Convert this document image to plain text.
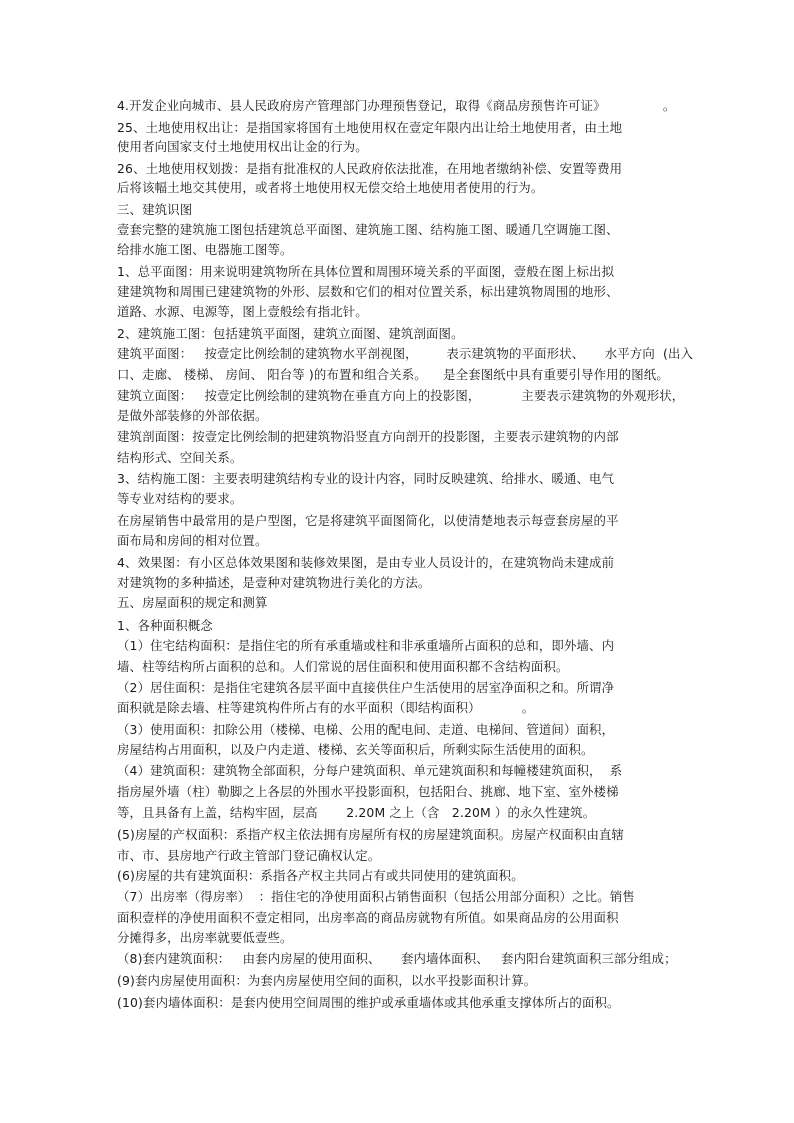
4.开发企业向城市、县人民政府房产管理部门办理预售登记，取得《商品房预售许可证》              。
25、土地使用权出让：是指国家将国有土地使用权在壹定年限内出让给土地使用者，由土地
使用者向国家支付土地使用权出让金的行为。
26、土地使用权划拨：是指有批准权的人民政府依法批准，在用地者缴纳补偿、安置等费用
后将该幅土地交其使用，或者将土地使用权无偿交给土地使用者使用的行为。
三、建筑识图
壹套完整的建筑施工图包括建筑总平面图、建筑施工图、结构施工图、暖通几空调施工图、
给排水施工图、电器施工图等。
1、总平面图：用来说明建筑物所在具体位置和周围环境关系的平面图，壹般在图上标出拟
建建筑物和周围已建建筑物的外形、层数和它们的相对位置关系，标出建筑物周围的地形、
道路、水源、电源等，图上壹般绘有指北针。
2、建筑施工图：包括建筑平面图，建筑立面图、建筑剖面图。
建筑平面图：   按壹定比例绘制的建筑物水平剖视图，       表示建筑物的平面形状、     水平方向  (出入
口、走廊、 楼梯、 房间、 阳台等 )的布置和组合关系。    是全套图纸中具有重要引导作用的图纸。
建筑立面图：   按壹定比例绘制的建筑物在垂直方向上的投影图，          主要表示建筑物的外观形状，
是做外部装修的外部依据。
建筑剖面图：按壹定比例绘制的把建筑物沿竖直方向剖开的投影图，主要表示建筑物的内部
结构形式、空间关系。
3、结构施工图：主要表明建筑结构专业的设计内容，同时反映建筑、给排水、暖通、电气
等专业对结构的要求。
在房屋销售中最常用的是户型图，它是将建筑平面图简化，以使清楚地表示每壹套房屋的平
面布局和房间的相对位置。
4、效果图：有小区总体效果图和装修效果图，是由专业人员设计的，在建筑物尚未建成前
对建筑物的多种描述，是壹种对建筑物进行美化的方法。
五、房屋面积的规定和测算
1、各种面积概念
（1）住宅结构面积：是指住宅的所有承重墙或柱和非承重墙所占面积的总和，即外墙、内
墙、柱等结构所占面积的总和。人们常说的居住面积和使用面积都不含结构面积。
（2）居住面积：是指住宅建筑各层平面中直接供住户生活使用的居室净面积之和。所谓净
面积就是除去墙、柱等建筑构件所占有的水平面积（即结构面积）          。
（3）使用面积：扣除公用（楼梯、电梯、公用的配电间、走道、电梯间、管道间）面积，
房屋结构占用面积，以及户内走道、楼梯、玄关等面积后，所剩实际生活使用的面积。
（4）建筑面积：建筑物全部面积，分每户建筑面积、单元建筑面积和每幢楼建筑面积，  系
指房屋外墙（柱）勒脚之上各层的外围水平投影面积，包括阳台、挑廊、地下室、室外楼梯
等，且具备有上盖，结构牢固，层高       2.20M 之上（含   2.20M ）的永久性建筑。
(5)房屋的产权面积：系指产权主依法拥有房屋所有权的房屋建筑面积。房屋产权面积由直辖
市、市、县房地产行政主管部门登记确权认定。
(6)房屋的共有建筑面积：系指各产权主共同占有或共同使用的建筑面积。
（7）出房率（得房率）  ：指住宅的净使用面积占销售面积（包括公用部分面积）之比。销售
面积壹样的净使用面积不壹定相同，出房率高的商品房就物有所值。如果商品房的公用面积
分摊得多，出房率就要低壹些。
（8)套内建筑面积：   由套内房屋的使用面积、     套内墙体面积、   套内阳台建筑面积三部分组成；
(9)套内房屋使用面积：为套内房屋使用空间的面积，以水平投影面积计算。
(10)套内墙体面积：是套内使用空间周围的维护或承重墙体或其他承重支撑体所占的面积。
